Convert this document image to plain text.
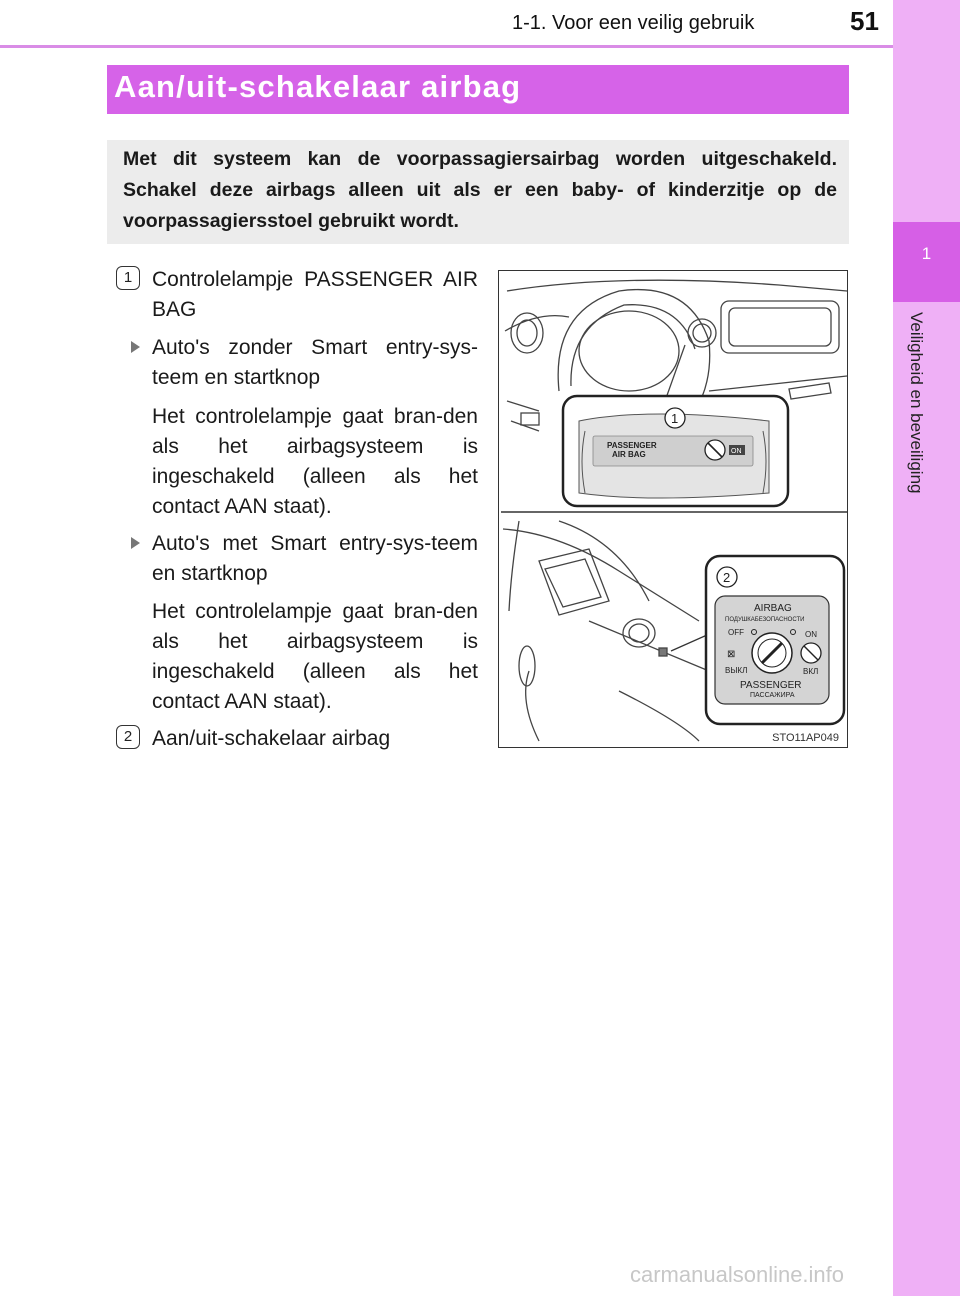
1-1. Voor een veilig gebruik	51
1
Veiligheid en beveiliging
Aan/uit-schakelaar airbag
Met dit systeem kan de voorpassagiersairbag worden uitgeschakeld. Schakel deze airbags alleen uit als er een baby- of kinderzitje op de voorpassagiersstoel gebruikt wordt.
1 Controlelampje PASSENGER AIR BAG
Auto's zonder Smart entry-sys-teem en startknop
Het controlelampje gaat bran-den als het airbagsysteem is ingeschakeld (alleen als het contact AAN staat).
Auto's met Smart entry-sys-teem en startknop
Het controlelampje gaat bran-den als het airbagsysteem is ingeschakeld (alleen als het contact AAN staat).
2 Aan/uit-schakelaar airbag
PASSENGER
AIR BAG	ON
1
2
AIRBAG
ПОДУШКАБЕЗОПАСНОСТИ
OFF	ON
⊠
ВЫКЛ	ВКЛ
PASSENGER
ПАССАЖИРА
STO11AP049
carmanualsonline.info
